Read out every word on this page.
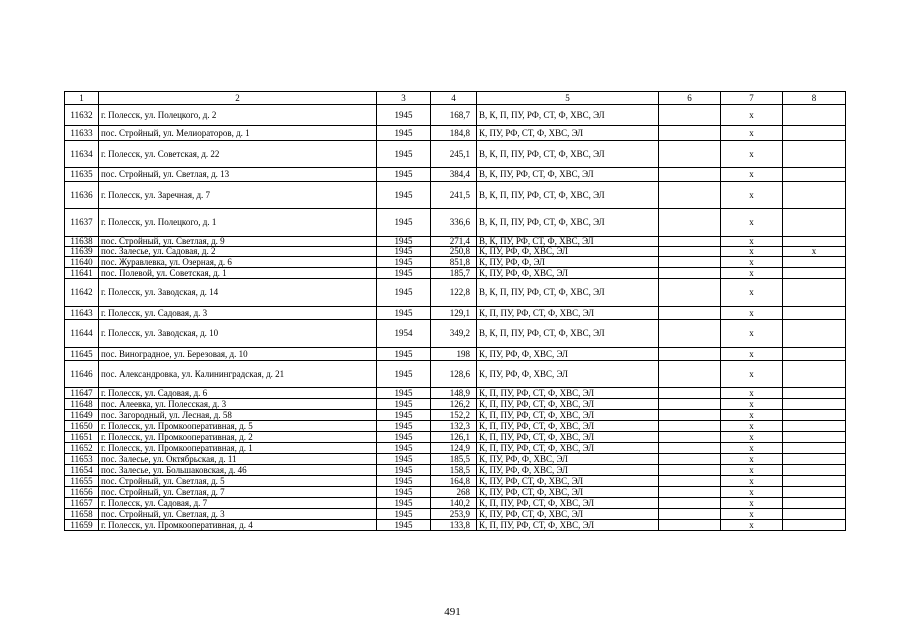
1	2	3	4	5	6	7	8
11632	г. Полесск, ул. Полецкого, д. 2	1945	168,7	В, К, П, ПУ, РФ, СТ, Ф, ХВС, ЭЛ		х	
11633	пос. Стройный, ул. Мелиораторов, д. 1	1945	184,8	К, ПУ, РФ, СТ, Ф, ХВС, ЭЛ		х	
11634	г. Полесск, ул. Советская, д. 22	1945	245,1	В, К, П, ПУ, РФ, СТ, Ф, ХВС, ЭЛ		х	
11635	пос. Стройный, ул. Светлая, д. 13	1945	384,4	В, К, ПУ, РФ, СТ, Ф, ХВС, ЭЛ		х	
11636	г. Полесск, ул. Заречная, д. 7	1945	241,5	В, К, П, ПУ, РФ, СТ, Ф, ХВС, ЭЛ		х	
11637	г. Полесск, ул. Полецкого, д. 1	1945	336,6	В, К, П, ПУ, РФ, СТ, Ф, ХВС, ЭЛ		х	
11638	пос. Стройный, ул. Светлая, д. 9	1945	271,4	В, К, ПУ, РФ, СТ, Ф, ХВС, ЭЛ		х	
11639	пос. Залесье, ул. Садовая, д. 2	1945	250,8	К, ПУ, РФ, Ф, ХВС, ЭЛ		х	х
11640	пос. Журавлевка, ул. Озерная, д. 6	1945	851,8	К, ПУ, РФ, Ф, ЭЛ		х	
11641	пос. Полевой, ул. Советская, д. 1	1945	185,7	К, ПУ, РФ, Ф, ХВС, ЭЛ		х	
11642	г. Полесск, ул. Заводская, д. 14	1945	122,8	В, К, П, ПУ, РФ, СТ, Ф, ХВС, ЭЛ		х	
11643	г. Полесск, ул. Садовая, д. 3	1945	129,1	К, П, ПУ, РФ, СТ, Ф, ХВС, ЭЛ		х	
11644	г. Полесск, ул. Заводская, д. 10	1954	349,2	В, К, П, ПУ, РФ, СТ, Ф, ХВС, ЭЛ		х	
11645	пос. Виноградное, ул. Березовая, д. 10	1945	198	К, ПУ, РФ, Ф, ХВС, ЭЛ		х	
11646	пос. Александровка, ул. Калининградская, д. 21	1945	128,6	К, ПУ, РФ, Ф, ХВС, ЭЛ		х	
11647	г. Полесск, ул. Садовая, д. 6	1945	148,9	К, П, ПУ, РФ, СТ, Ф, ХВС, ЭЛ		х	
11648	пос. Алеевка, ул. Полесская, д. 3	1945	126,2	К, П, ПУ, РФ, СТ, Ф, ХВС, ЭЛ		х	
11649	пос. Загородный, ул. Лесная, д. 58	1945	152,2	К, П, ПУ, РФ, СТ, Ф, ХВС, ЭЛ		х	
11650	г. Полесск, ул. Промкооперативная, д. 5	1945	132,3	К, П, ПУ, РФ, СТ, Ф, ХВС, ЭЛ		х	
11651	г. Полесск, ул. Промкооперативная, д. 2	1945	126,1	К, П, ПУ, РФ, СТ, Ф, ХВС, ЭЛ		х	
11652	г. Полесск, ул. Промкооперативная, д. 1	1945	124,9	К, П, ПУ, РФ, СТ, Ф, ХВС, ЭЛ		х	
11653	пос. Залесье, ул. Октябрьская, д. 11	1945	185,5	К, ПУ, РФ, Ф, ХВС, ЭЛ		х	
11654	пос. Залесье, ул. Большаковская, д. 46	1945	158,5	К, ПУ, РФ, Ф, ХВС, ЭЛ		х	
11655	пос. Стройный, ул. Светлая, д. 5	1945	164,8	К, ПУ, РФ, СТ, Ф, ХВС, ЭЛ		х	
11656	пос. Стройный, ул. Светлая, д. 7	1945	268	К, ПУ, РФ, СТ, Ф, ХВС, ЭЛ		х	
11657	г. Полесск, ул. Садовая, д. 7	1945	140,2	К, П, ПУ, РФ, СТ, Ф, ХВС, ЭЛ		х	
11658	пос. Стройный, ул. Светлая, д. 3	1945	253,9	К, ПУ, РФ, СТ, Ф, ХВС, ЭЛ		х	
11659	г. Полесск, ул. Промкооперативная, д. 4	1945	133,8	К, П, ПУ, РФ, СТ, Ф, ХВС, ЭЛ		х	
491
